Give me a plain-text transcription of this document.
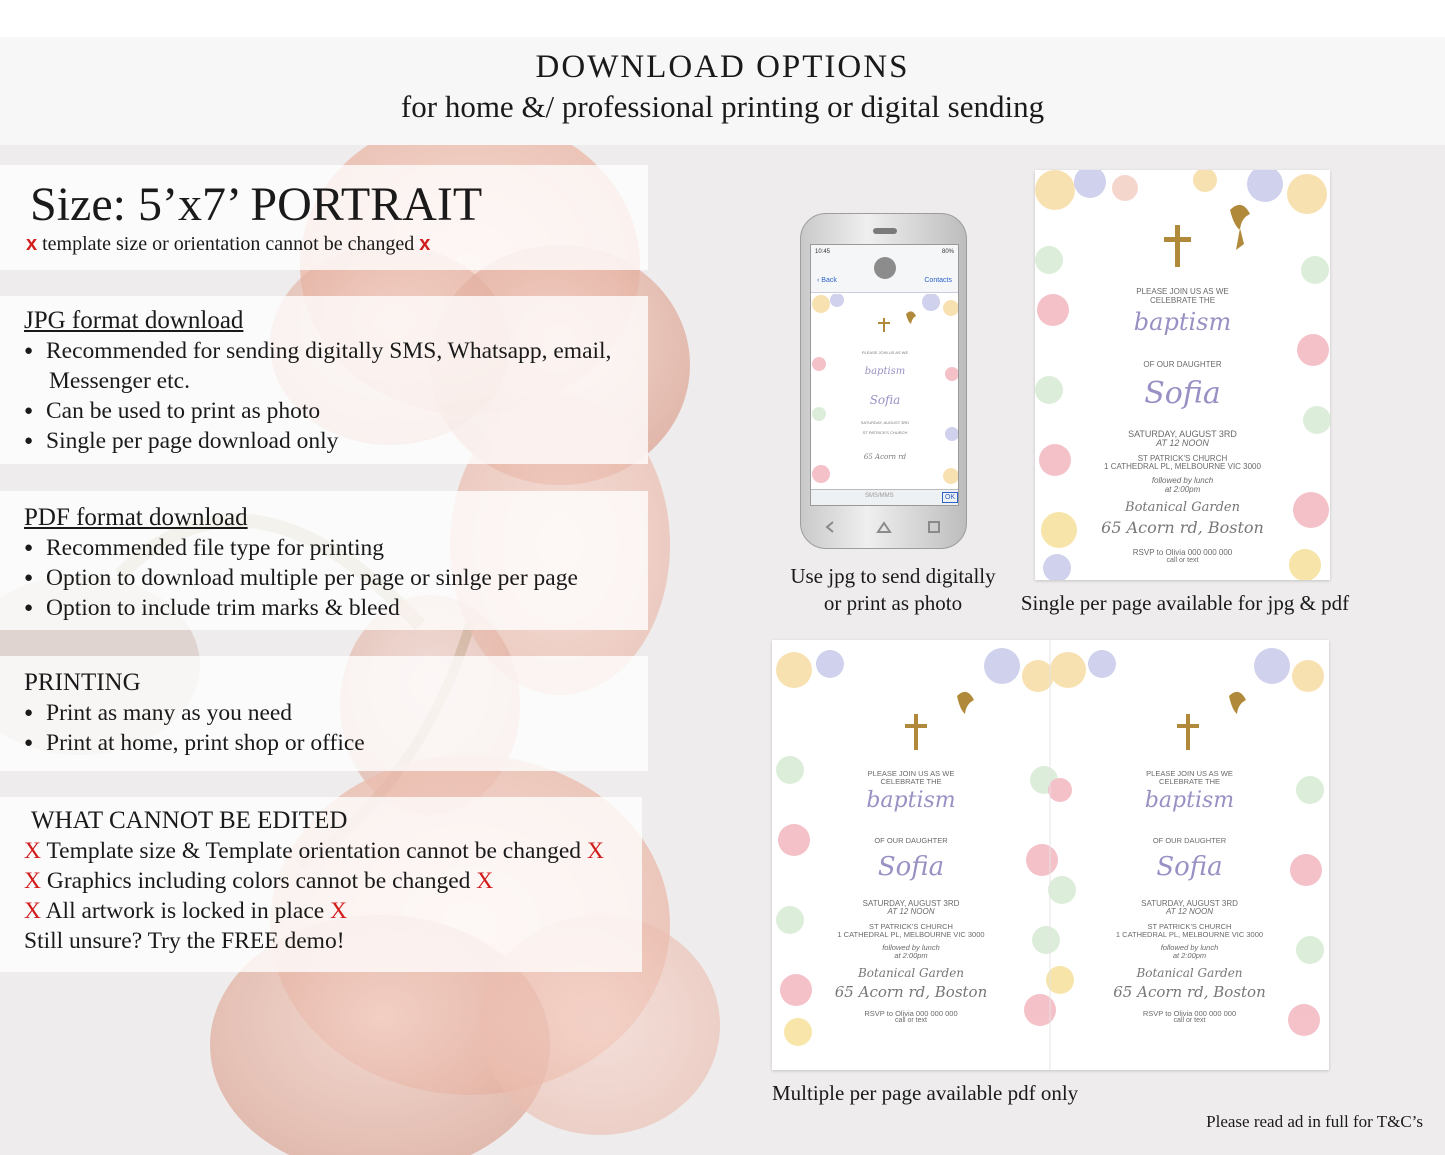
DOWNLOAD OPTIONS
for home &/ professional printing or digital sending
Size: 5’x7’ PORTRAIT
x template size or orientation cannot be changed x
JPG format download
● Recommended for sending digitally SMS, Whatsapp, email,
Messenger etc.
● Can be used to print as photo
● Single per page download only
PDF format download
● Recommended file type for printing
● Option to download multiple per page or sinlge per page
● Option to include trim marks & bleed
PRINTING
● Print as many as you need
● Print at home, print shop or office
WHAT CANNOT BE EDITED
X Template size & Template orientation cannot be changed X
X Graphics including colors cannot be changed X
X All artwork is locked in place X
Still unsure? Try the FREE demo!
10:45	80%
‹ Back	Contacts
PLEASE JOIN US AS WE
baptism
Sofia
SATURDAY, AUGUST 3RD
ST PATRICK'S CHURCH
65 Acorn rd
SMS/MMS	OK
Use jpg to send digitally
or print as photo
PLEASE JOIN US AS WE
CELEBRATE THE
baptism
OF OUR DAUGHTER
Sofia
SATURDAY, AUGUST 3RD
AT 12 NOON
ST PATRICK'S CHURCH
1 CATHEDRAL PL, MELBOURNE VIC 3000
followed by lunch
at 2:00pm
Botanical Garden
65 Acorn rd, Boston
RSVP to Olivia 000 000 000
call or text
Single per page available for jpg & pdf
PLEASE JOIN US AS WE
CELEBRATE THE
baptism
OF OUR DAUGHTER
Sofia
SATURDAY, AUGUST 3RD
AT 12 NOON
ST PATRICK'S CHURCH
1 CATHEDRAL PL, MELBOURNE VIC 3000
followed by lunch
at 2:00pm
Botanical Garden
65 Acorn rd, Boston
RSVP to Olivia 000 000 000
call or text
PLEASE JOIN US AS WE
CELEBRATE THE
baptism
OF OUR DAUGHTER
Sofia
SATURDAY, AUGUST 3RD
AT 12 NOON
ST PATRICK'S CHURCH
1 CATHEDRAL PL, MELBOURNE VIC 3000
followed by lunch
at 2:00pm
Botanical Garden
65 Acorn rd, Boston
RSVP to Olivia 000 000 000
call or text
Multiple per page available pdf only
Please read ad in full for T&C’s
